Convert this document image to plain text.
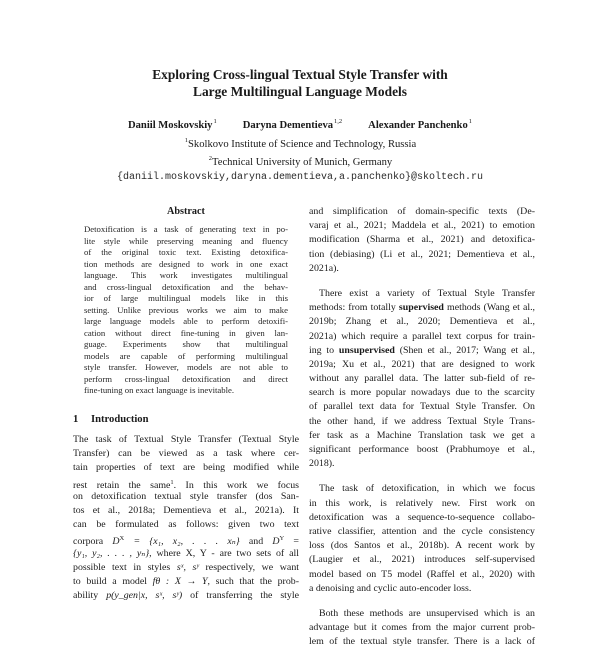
Exploring Cross-lingual Textual Style Transfer with
Large Multilingual Language Models
Daniil Moskovskiy$^1$ Daryna Dementieva$^{1,2}$ Alexander Panchenko$^1$
$^1$Skolkovo Institute of Science and Technology, Russia
$^2$Technical University of Munich, Germany
{daniil.moskovskiy,daryna.dementieva,a.panchenko}@skoltech.ru
Abstract
Detoxification is a task of generating text in po-
lite style while preserving meaning and fluency
of the original toxic text. Existing detoxifica-
tion methods are designed to work in one exact
language. This work investigates multilingual
and cross-lingual detoxification and the behav-
ior of large multilingual models like in this
setting. Unlike previous works we aim to make
large language models able to perform detoxifi-
cation without direct fine-tuning in given lan-
guage. Experiments show that multilingual
models are capable of performing multilingual
style transfer. However, models are not able to
perform cross-lingual detoxification and direct
fine-tuning on exact language is inevitable.
1 Introduction
The task of Textual Style Transfer (Textual Style
Transfer) can be viewed as a task where cer-
tain properties of text are being modified while
rest retain the same$^1$. In this work we focus
on detoxification textual style transfer (dos San-
tos et al., 2018a; Dementieva et al., 2021a). It
can be formulated as follows: given two text
corpora D$^X$ = {x₁, x₂, . . . xₙ} and D$^Y$ =
{y₁, y₂, . . . , yₙ}, where X, Y - are two sets of all
possible text in styles sˣ, sʸ respectively, we want
to build a model fθ : X → Y, such that the prob-
ability p(y_gen|x, sˣ, sʸ) of transferring the style
and simplification of domain-specific texts (De-
varaj et al., 2021; Maddela et al., 2021) to emotion
modification (Sharma et al., 2021) and detoxifica-
tion (debiasing) (Li et al., 2021; Dementieva et al.,
2021a).
There exist a variety of Textual Style Transfer
methods: from totally supervised methods (Wang et al.,
2019b; Zhang et al., 2020; Dementieva et al.,
2021a) which require a parallel text corpus for train-
ing to unsupervised (Shen et al., 2017; Wang et al.,
2019a; Xu et al., 2021) that are designed to work
without any parallel data. The latter sub-field of re-
search is more popular nowadays due to the scarcity
of parallel text data for Textual Style Transfer. On
the other hand, if we address Textual Style Trans-
fer task as a Machine Translation task we get a
significant performance boost (Prabhumoye et al.,
2018).
The task of detoxification, in which we focus
in this work, is relatively new. First work on
detoxification was a sequence-to-sequence collabo-
rative classifier, attention and the cycle consistency
loss (dos Santos et al., 2018b). A recent work by
(Laugier et al., 2021) introduces self-supervised
model based on T5 model (Raffel et al., 2020) with
a denoising and cyclic auto-encoder loss.
Both these methods are unsupervised which is an
advantage but it comes from the major current prob-
lem of the textual style transfer. There is a lack of
